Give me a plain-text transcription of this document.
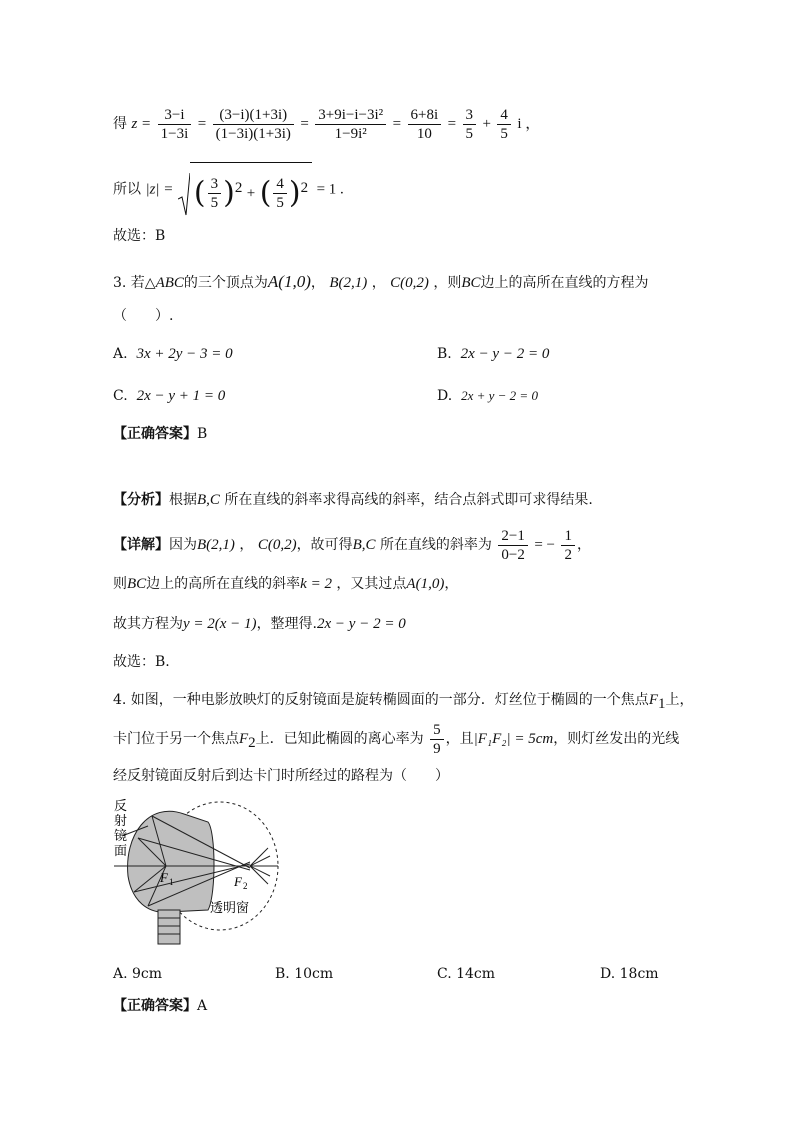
得 $z = \frac{3-i}{1-3i} = \frac{(3-i)(1+3i)}{(1-3i)(1+3i)} = \frac{\text{3+9i−i−3i²}}{\text{1−9i²}} = \frac{6+8i}{10} = \frac{3}{5} + \frac{4}{5}$ i ，
所以 |z| = ( $\frac{3}{5} )^2$ + ( $\frac{4}{5} )^2 = 1$ .
故选：B
3. 若△ABC的三个顶点为A(1,0)， B(2,1) ， C(0,2) ，则BC边上的高所在直线的方程为
（　　）.
A. 3x + 2y − 3 = 0	B. 2x − y − 2 = 0
C. 2x − y + 1 = 0	D. 2x + y − 2 = 0
【正确答案】B
【分析】根据B,C 所在直线的斜率求得高线的斜率，结合点斜式即可求得结果.
【详解】因为B(2,1) ， C(0,2)，故可得B,C 所在直线的斜率为 $\frac{2-1}{0-2}$ = − $\frac{1}{2}$ ，
则BC边上的高所在直线的斜率k = 2 ，又其过点A(1,0)，
故其方程为y = 2(x − 1)，整理得.2x − y − 2 = 0
故选：B.
4. 如图，一种电影放映灯的反射镜面是旋转椭圆面的一部分．灯丝位于椭圆的一个焦点$F_1$上，
卡门位于另一个焦点$F_2$上．已知此椭圆的离心率为 $\frac{5}{9}$ ，且|F₁F₂| = 5cm，则灯丝发出的光线
经反射镜面反射后到达卡门时所经过的路程为（　　）
反
射
镜
面
F 1	F 2
透明窗
A. 9cm	B. 10cm	C. 14cm	D. 18cm
【正确答案】A
